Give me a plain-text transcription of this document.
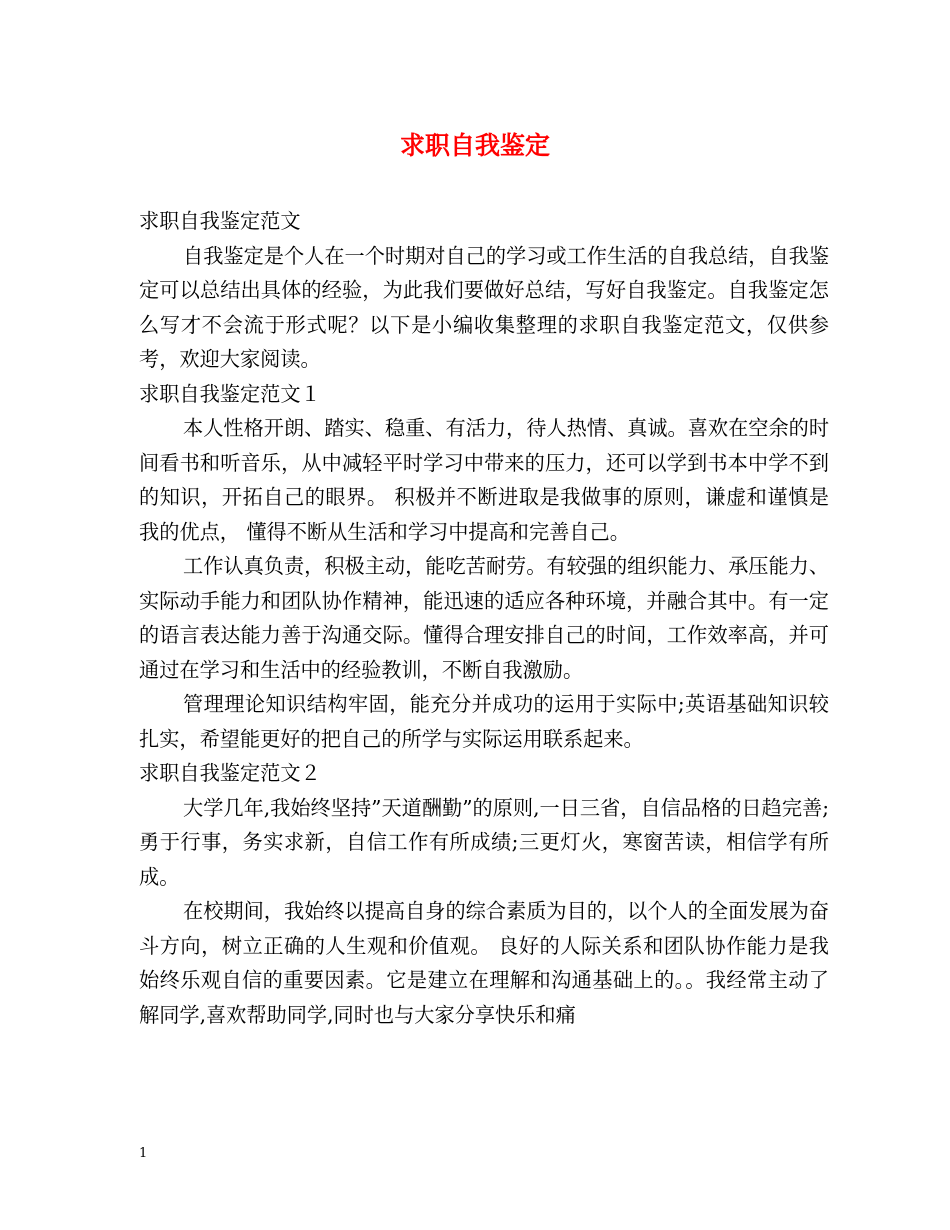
求职自我鉴定

求职自我鉴定范文

自我鉴定是个人在一个时期对自己的学习或工作生活的自我总结，自我鉴定可以总结出具体的经验，为此我们要做好总结，写好自我鉴定。自我鉴定怎么写才不会流于形式呢？以下是小编收集整理的求职自我鉴定范文，仅供参考，欢迎大家阅读。

求职自我鉴定范文１

本人性格开朗、踏实、稳重、有活力，待人热情、真诚。喜欢在空余的时间看书和听音乐，从中减轻平时学习中带来的压力，还可以学到书本中学不到的知识，开拓自己的眼界。 积极并不断进取是我做事的原则，谦虚和谨慎是我的优点， 懂得不断从生活和学习中提高和完善自己。

工作认真负责，积极主动，能吃苦耐劳。有较强的组织能力、承压能力、实际动手能力和团队协作精神，能迅速的适应各种环境，并融合其中。有一定的语言表达能力善于沟通交际。懂得合理安排自己的时间，工作效率高，并可通过在学习和生活中的经验教训，不断自我激励。

管理理论知识结构牢固，能充分并成功的运用于实际中;英语基础知识较扎实，希望能更好的把自己的所学与实际运用联系起来。

求职自我鉴定范文２

大学几年,我始终坚持”天道酬勤”的原则,一日三省，自信品格的日趋完善;勇于行事，务实求新，自信工作有所成绩;三更灯火，寒窗苦读，相信学有所成。

在校期间，我始终以提高自身的综合素质为目的，以个人的全面发展为奋斗方向，树立正确的人生观和价值观。 良好的人际关系和团队协作能力是我始终乐观自信的重要因素。它是建立在理解和沟通基础上的。。我经常主动了解同学,喜欢帮助同学,同时也与大家分享快乐和痛

1
